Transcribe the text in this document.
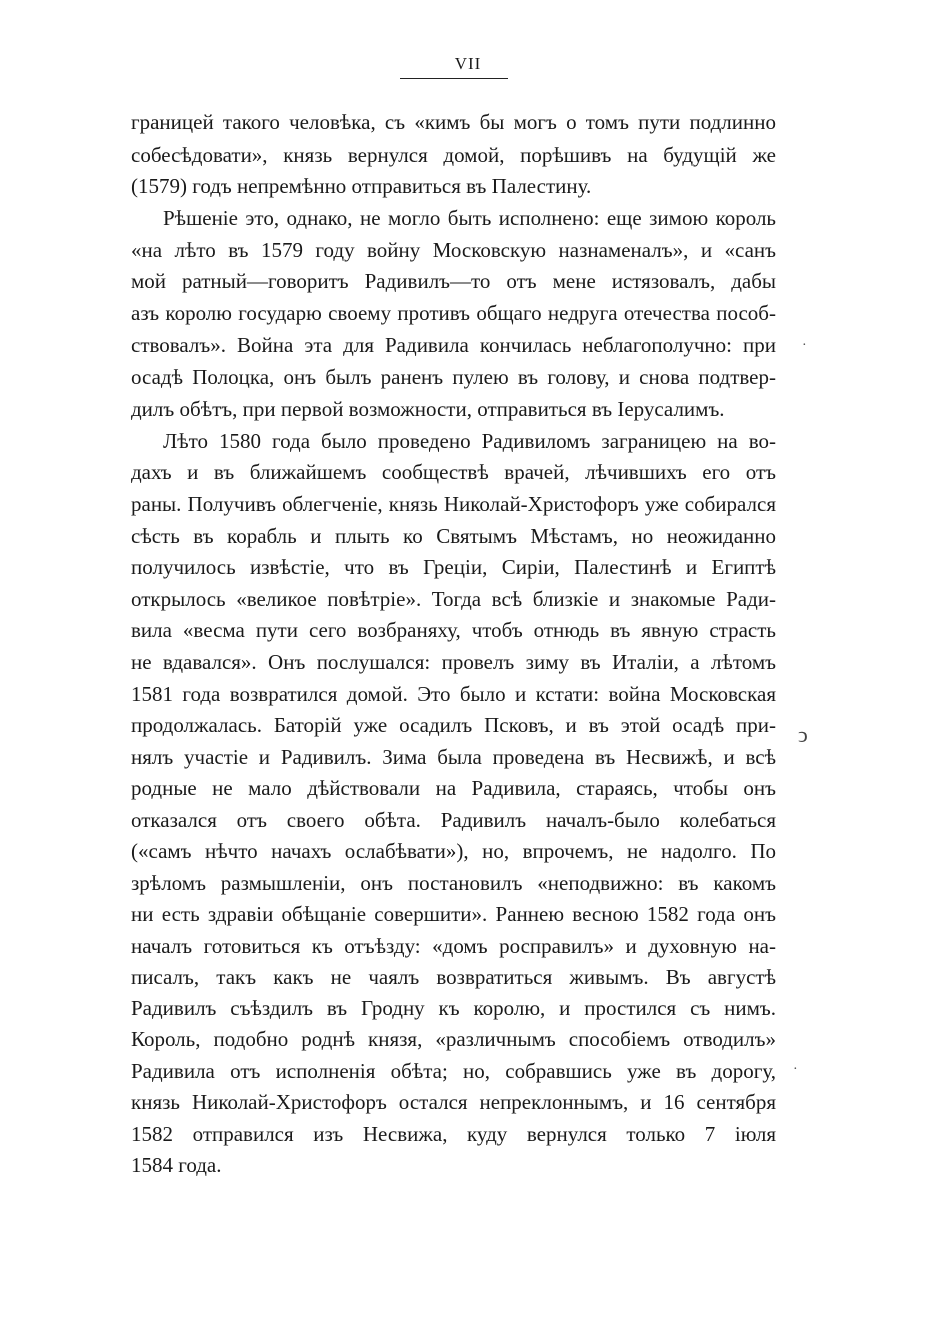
VII
границей такого человѣка, съ «кимъ бы могъ о томъ пути подлинно
собесѣдовати», князь вернулся домой, порѣшивъ на будущій же
(1579) годъ непремѣнно отправиться въ Палестину.
Рѣшеніе это, однако, не могло быть исполнено: еще зимою король
«на лѣто въ 1579 году войну Московскую назнаменалъ», и «санъ
мой ратный—говоритъ Радивилъ—то отъ мене истязовалъ, дабы
азъ королю государю своему противъ общаго недруга отечества пособ-
ствовалъ». Война эта для Радивила кончилась неблагополучно: при
осадѣ Полоцка, онъ былъ раненъ пулею въ голову, и снова подтвер-
дилъ обѣтъ, при первой возможности, отправиться въ Іерусалимъ.
Лѣто 1580 года было проведено Радивиломъ заграницею на во-
дахъ и въ ближайшемъ сообществѣ врачей, лѣчившихъ его отъ
раны. Получивъ облегченіе, князь Николай-Христофоръ уже собирался
сѣсть въ корабль и плыть ко Святымъ Мѣстамъ, но неожиданно
получилось извѣстіе, что въ Греціи, Сиріи, Палестинѣ и Египтѣ
открылось «великое повѣтріе». Тогда всѣ близкіе и знакомые Ради-
вила «весма пути сего возбраняху, чтобъ отнюдь въ явную страсть
не вдавался». Онъ послушался: провелъ зиму въ Италіи, а лѣтомъ
1581 года возвратился домой. Это было и кстати: война Московская
продолжалась. Баторій уже осадилъ Псковъ, и въ этой осадѣ при-
нялъ участіе и Радивилъ. Зима была проведена въ Несвижѣ, и всѣ
родные не мало дѣйствовали на Радивила, стараясь, чтобы онъ
отказался отъ своего обѣта. Радивилъ началъ-было колебаться
(«самъ нѣчто начахъ ослабѣвати»), но, впрочемъ, не надолго. По
зрѣломъ размышленіи, онъ постановилъ «неподвижно: въ какомъ
ни есть здравіи обѣщаніе совершити». Раннею весною 1582 года онъ
началъ готовиться къ отъѣзду: «домъ росправилъ» и духовную на-
писалъ, такъ какъ не чаялъ возвратиться живымъ. Въ августѣ
Радивилъ съѣздилъ въ Гродну къ королю, и простился съ нимъ.
Король, подобно роднѣ князя, «различнымъ способіемъ отводилъ»
Радивила отъ исполненія обѣта; но, собравшись уже въ дорогу,
князь Николай-Христофоръ остался непреклоннымъ, и 16 сентября
1582 отправился изъ Несвижа, куду вернулся только 7 іюля
1584 года.
·
ↄ
·
